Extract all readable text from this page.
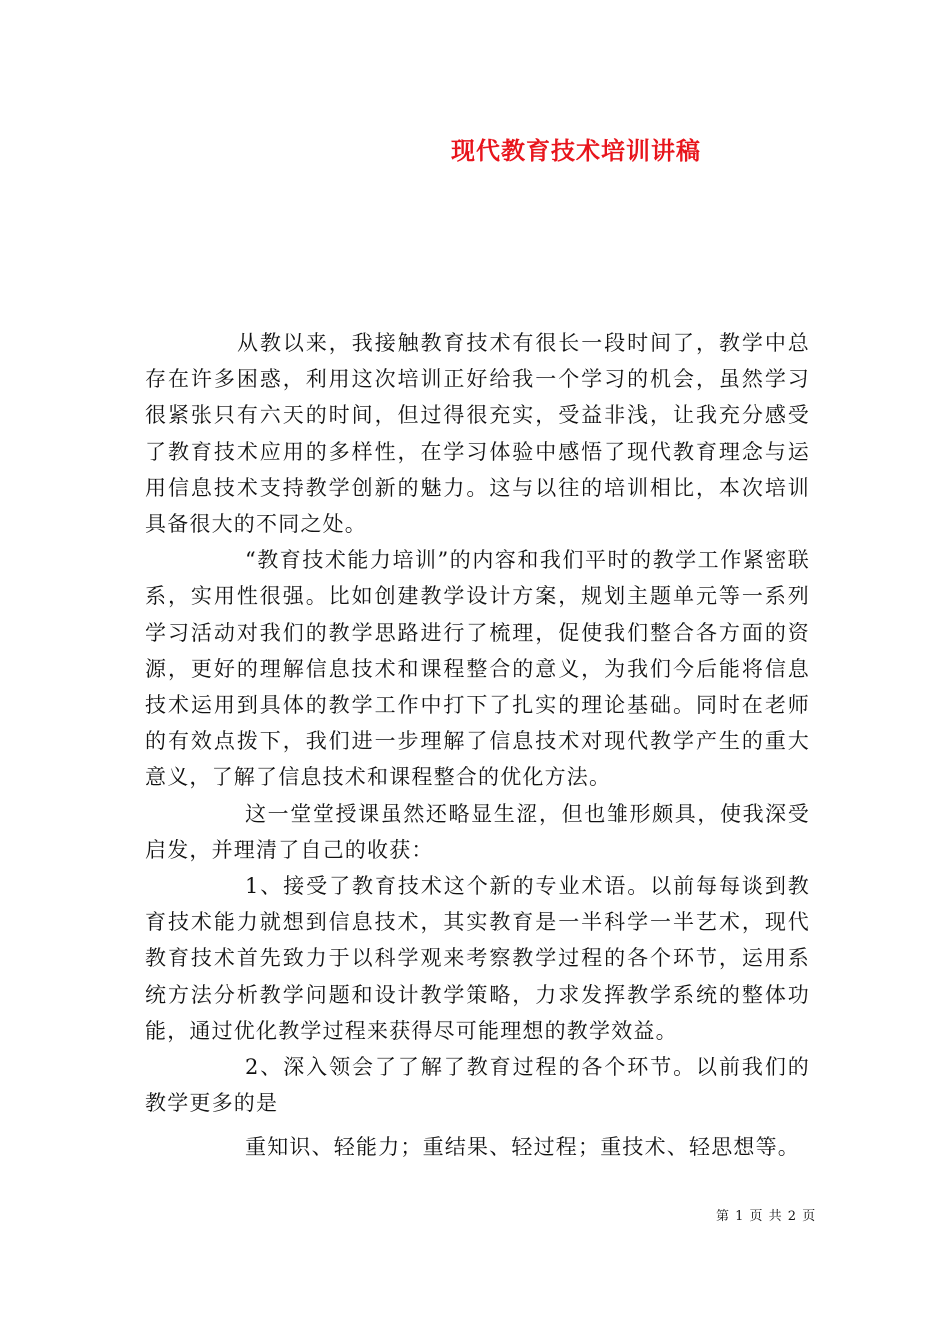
现代教育技术培训讲稿

从教以来，我接触教育技术有很长一段时间了，教学中总存在许多困惑，利用这次培训正好给我一个学习的机会，虽然学习很紧张只有六天的时间，但过得很充实，受益非浅，让我充分感受了教育技术应用的多样性，在学习体验中感悟了现代教育理念与运用信息技术支持教学创新的魅力。这与以往的培训相比，本次培训具备很大的不同之处。

“教育技术能力培训”的内容和我们平时的教学工作紧密联系，实用性很强。比如创建教学设计方案，规划主题单元等一系列学习活动对我们的教学思路进行了梳理，促使我们整合各方面的资源，更好的理解信息技术和课程整合的意义，为我们今后能将信息技术运用到具体的教学工作中打下了扎实的理论基础。同时在老师的有效点拨下，我们进一步理解了信息技术对现代教学产生的重大意义，了解了信息技术和课程整合的优化方法。

这一堂堂授课虽然还略显生涩，但也雏形颇具，使我深受启发，并理清了自己的收获：

1、接受了教育技术这个新的专业术语。以前每每谈到教育技术能力就想到信息技术，其实教育是一半科学一半艺术，现代教育技术首先致力于以科学观来考察教学过程的各个环节，运用系统方法分析教学问题和设计教学策略，力求发挥教学系统的整体功能，通过优化教学过程来获得尽可能理想的教学效益。

2、深入领会了了解了教育过程的各个环节。以前我们的教学更多的是

重知识、轻能力；重结果、轻过程；重技术、轻思想等。

第 1 页 共 2 页
